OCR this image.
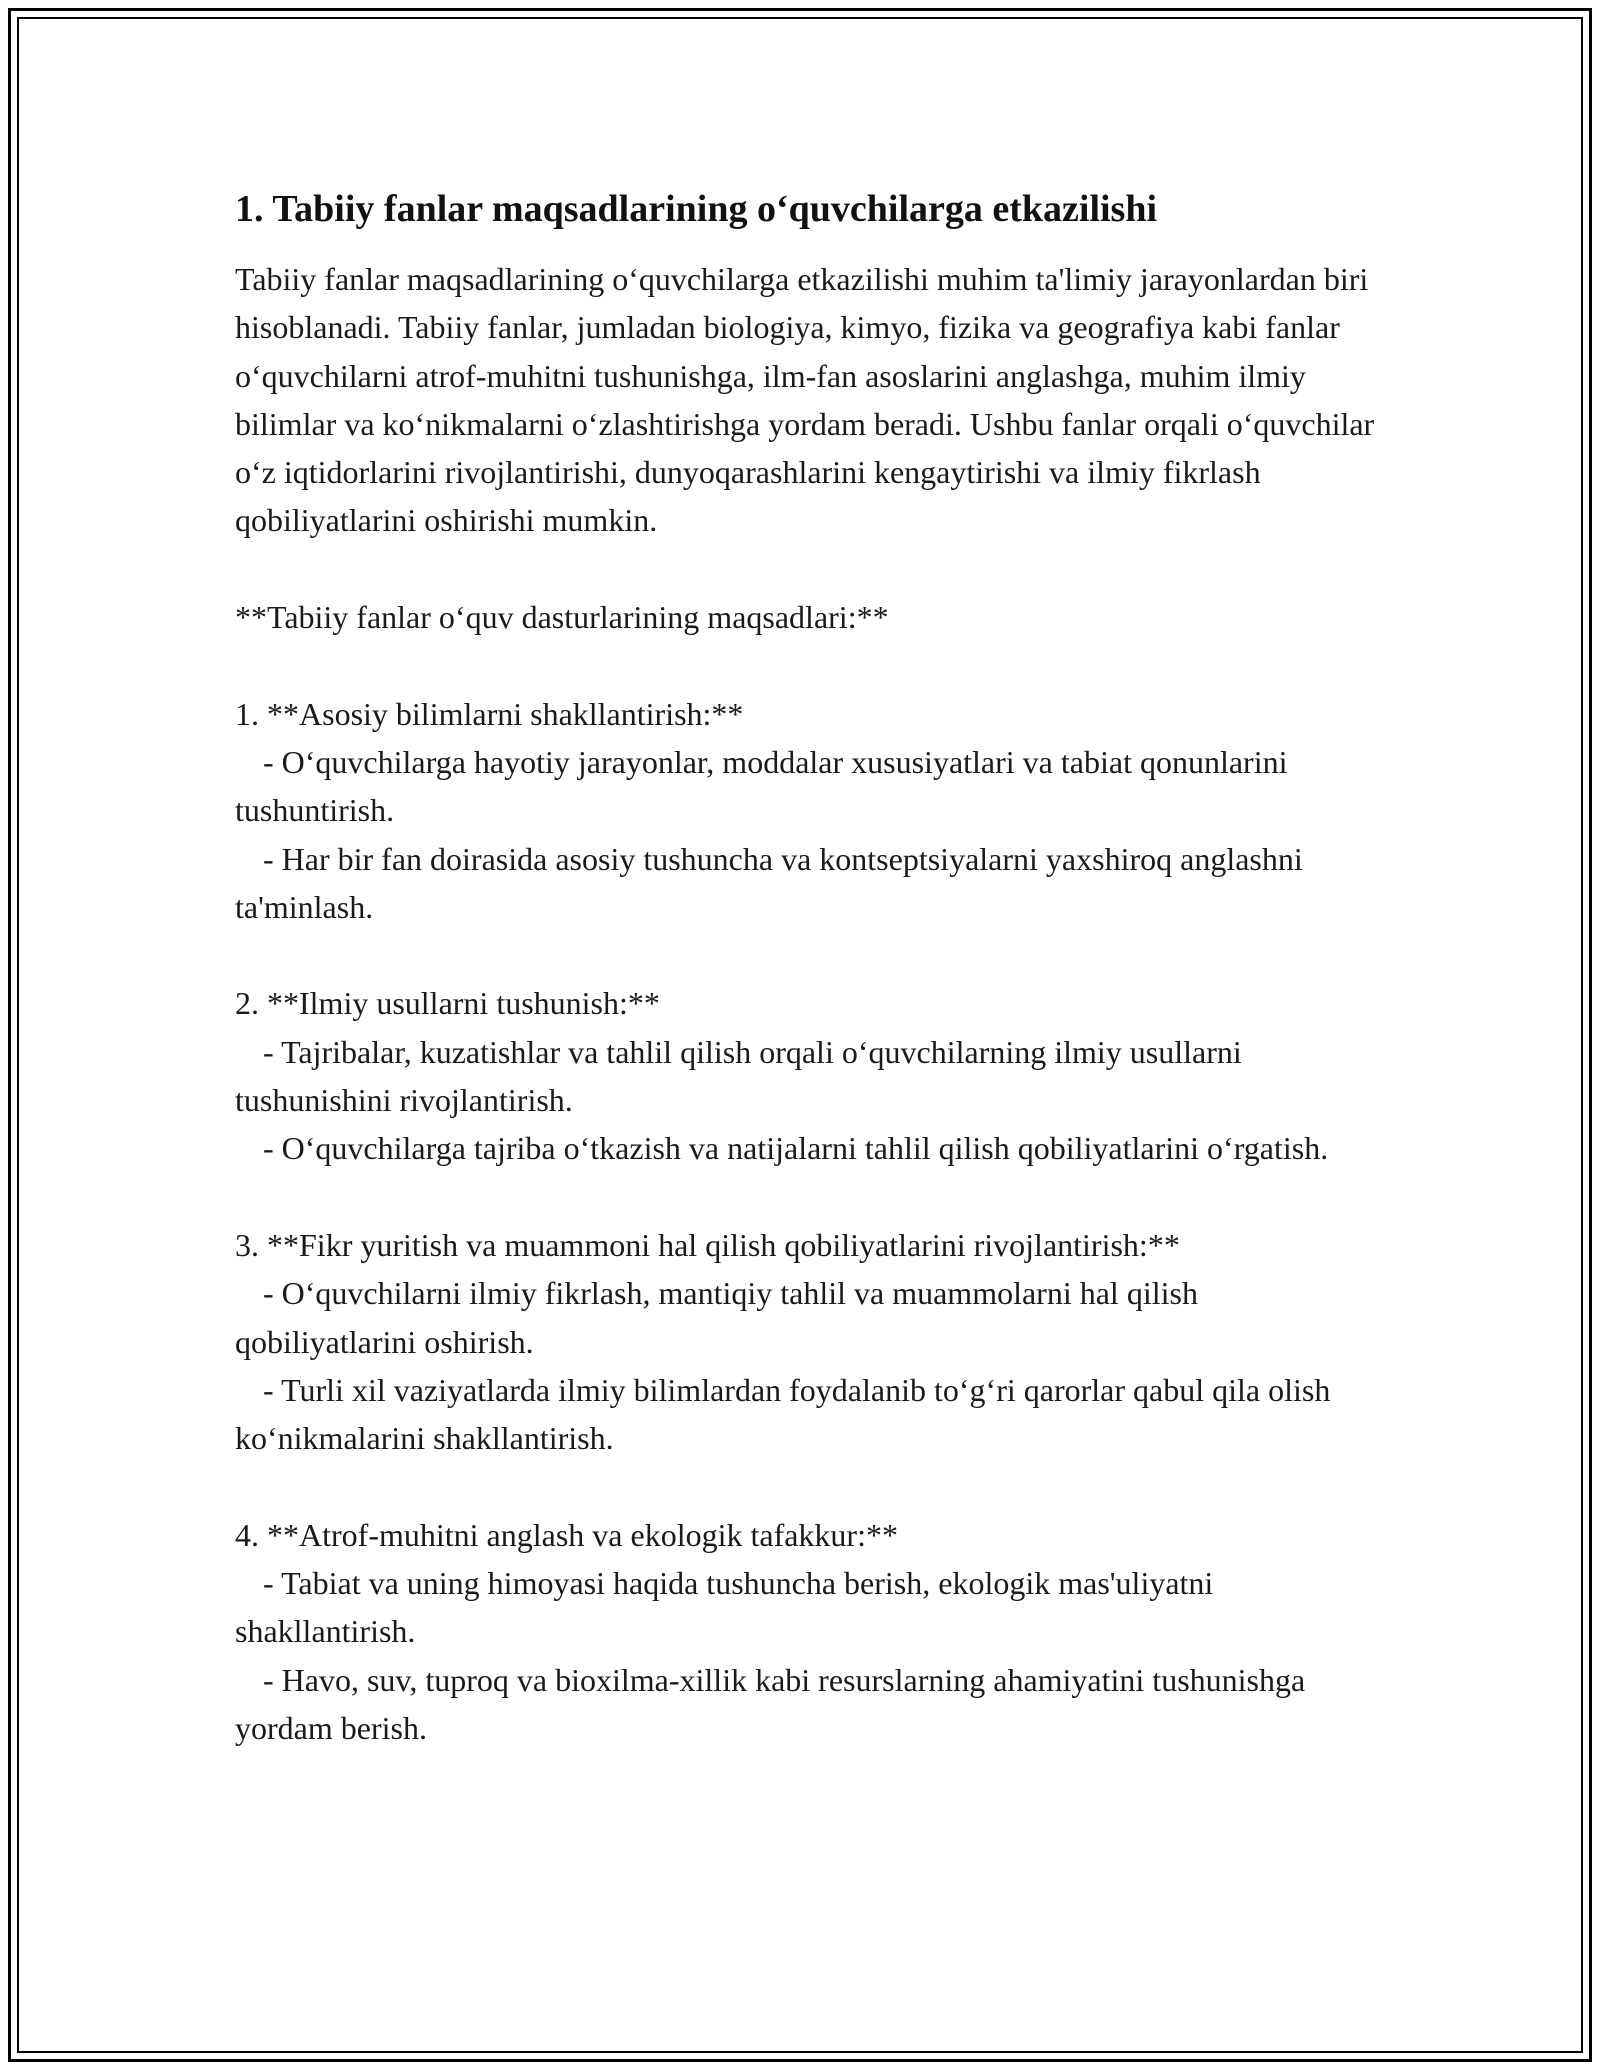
1. Tabiiy fanlar maqsadlarining o‘quvchilarga etkazilishi

Tabiiy fanlar maqsadlarining o‘quvchilarga etkazilishi muhim ta'limiy jarayonlardan biri hisoblanadi. Tabiiy fanlar, jumladan biologiya, kimyo, fizika va geografiya kabi fanlar o‘quvchilarni atrof-muhitni tushunishga, ilm-fan asoslarini anglashga, muhim ilmiy bilimlar va ko‘nikmalarni o‘zlashtirishga yordam beradi. Ushbu fanlar orqali o‘quvchilar o‘z iqtidorlarini rivojlantirishi, dunyoqarashlarini kengaytirishi va ilmiy fikrlash qobiliyatlarini oshirishi mumkin.

**Tabiiy fanlar o‘quv dasturlarining maqsadlari:**

1. **Asosiy bilimlarni shakllantirish:**

- O‘quvchilarga hayotiy jarayonlar, moddalar xususiyatlari va tabiat qonunlarini tushuntirish.

- Har bir fan doirasida asosiy tushuncha va kontseptsiyalarni yaxshiroq anglashni ta'minlash.

2. **Ilmiy usullarni tushunish:**

- Tajribalar, kuzatishlar va tahlil qilish orqali o‘quvchilarning ilmiy usullarni tushunishini rivojlantirish.

- O‘quvchilarga tajriba o‘tkazish va natijalarni tahlil qilish qobiliyatlarini o‘rgatish.

3. **Fikr yuritish va muammoni hal qilish qobiliyatlarini rivojlantirish:**

- O‘quvchilarni ilmiy fikrlash, mantiqiy tahlil va muammolarni hal qilish qobiliyatlarini oshirish.

- Turli xil vaziyatlarda ilmiy bilimlardan foydalanib to‘g‘ri qarorlar qabul qila olish ko‘nikmalarini shakllantirish.

4. **Atrof-muhitni anglash va ekologik tafakkur:**

- Tabiat va uning himoyasi haqida tushuncha berish, ekologik mas'uliyatni shakllantirish.

- Havo, suv, tuproq va bioxilma-xillik kabi resurslarning ahamiyatini tushunishga yordam berish.
